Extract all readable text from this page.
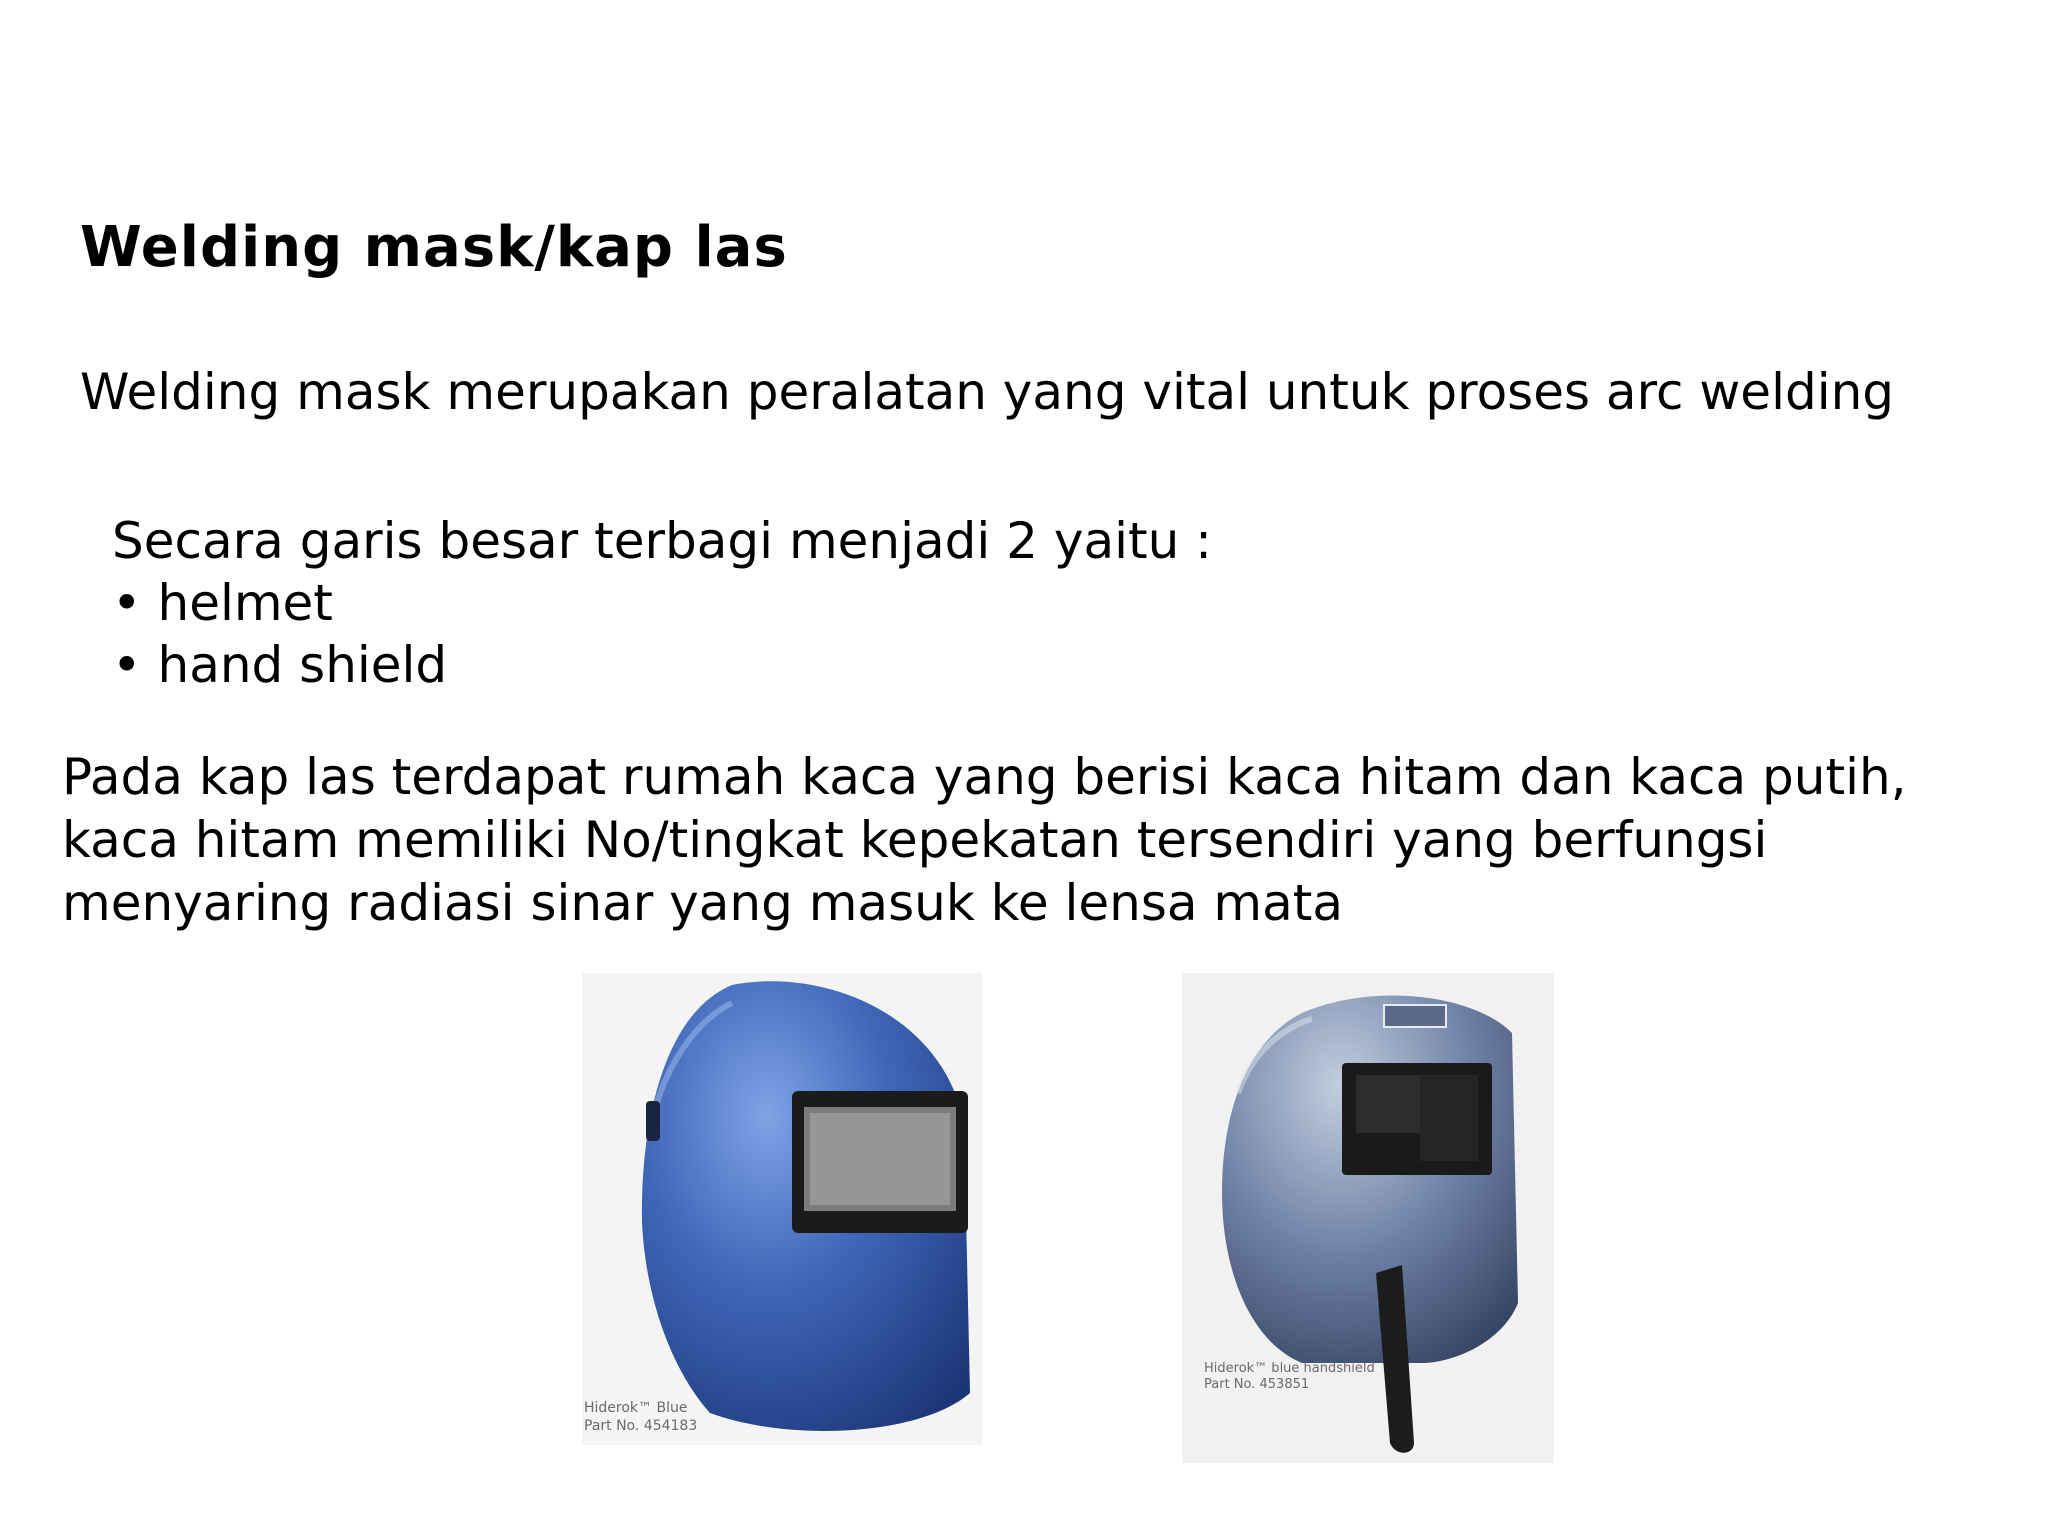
Welding mask/kap las

Welding mask merupakan peralatan yang vital untuk proses arc welding

Secara garis besar terbagi menjadi 2 yaitu :
• helmet
• hand shield

Pada kap las terdapat rumah kaca yang berisi kaca hitam dan kaca putih,
kaca hitam memiliki No/tingkat kepekatan tersendiri yang berfungsi
menyaring radiasi sinar yang masuk ke lensa mata

Hiderok™ Blue
Part No. 454183
Hiderok™ blue handshield
Part No. 453851
